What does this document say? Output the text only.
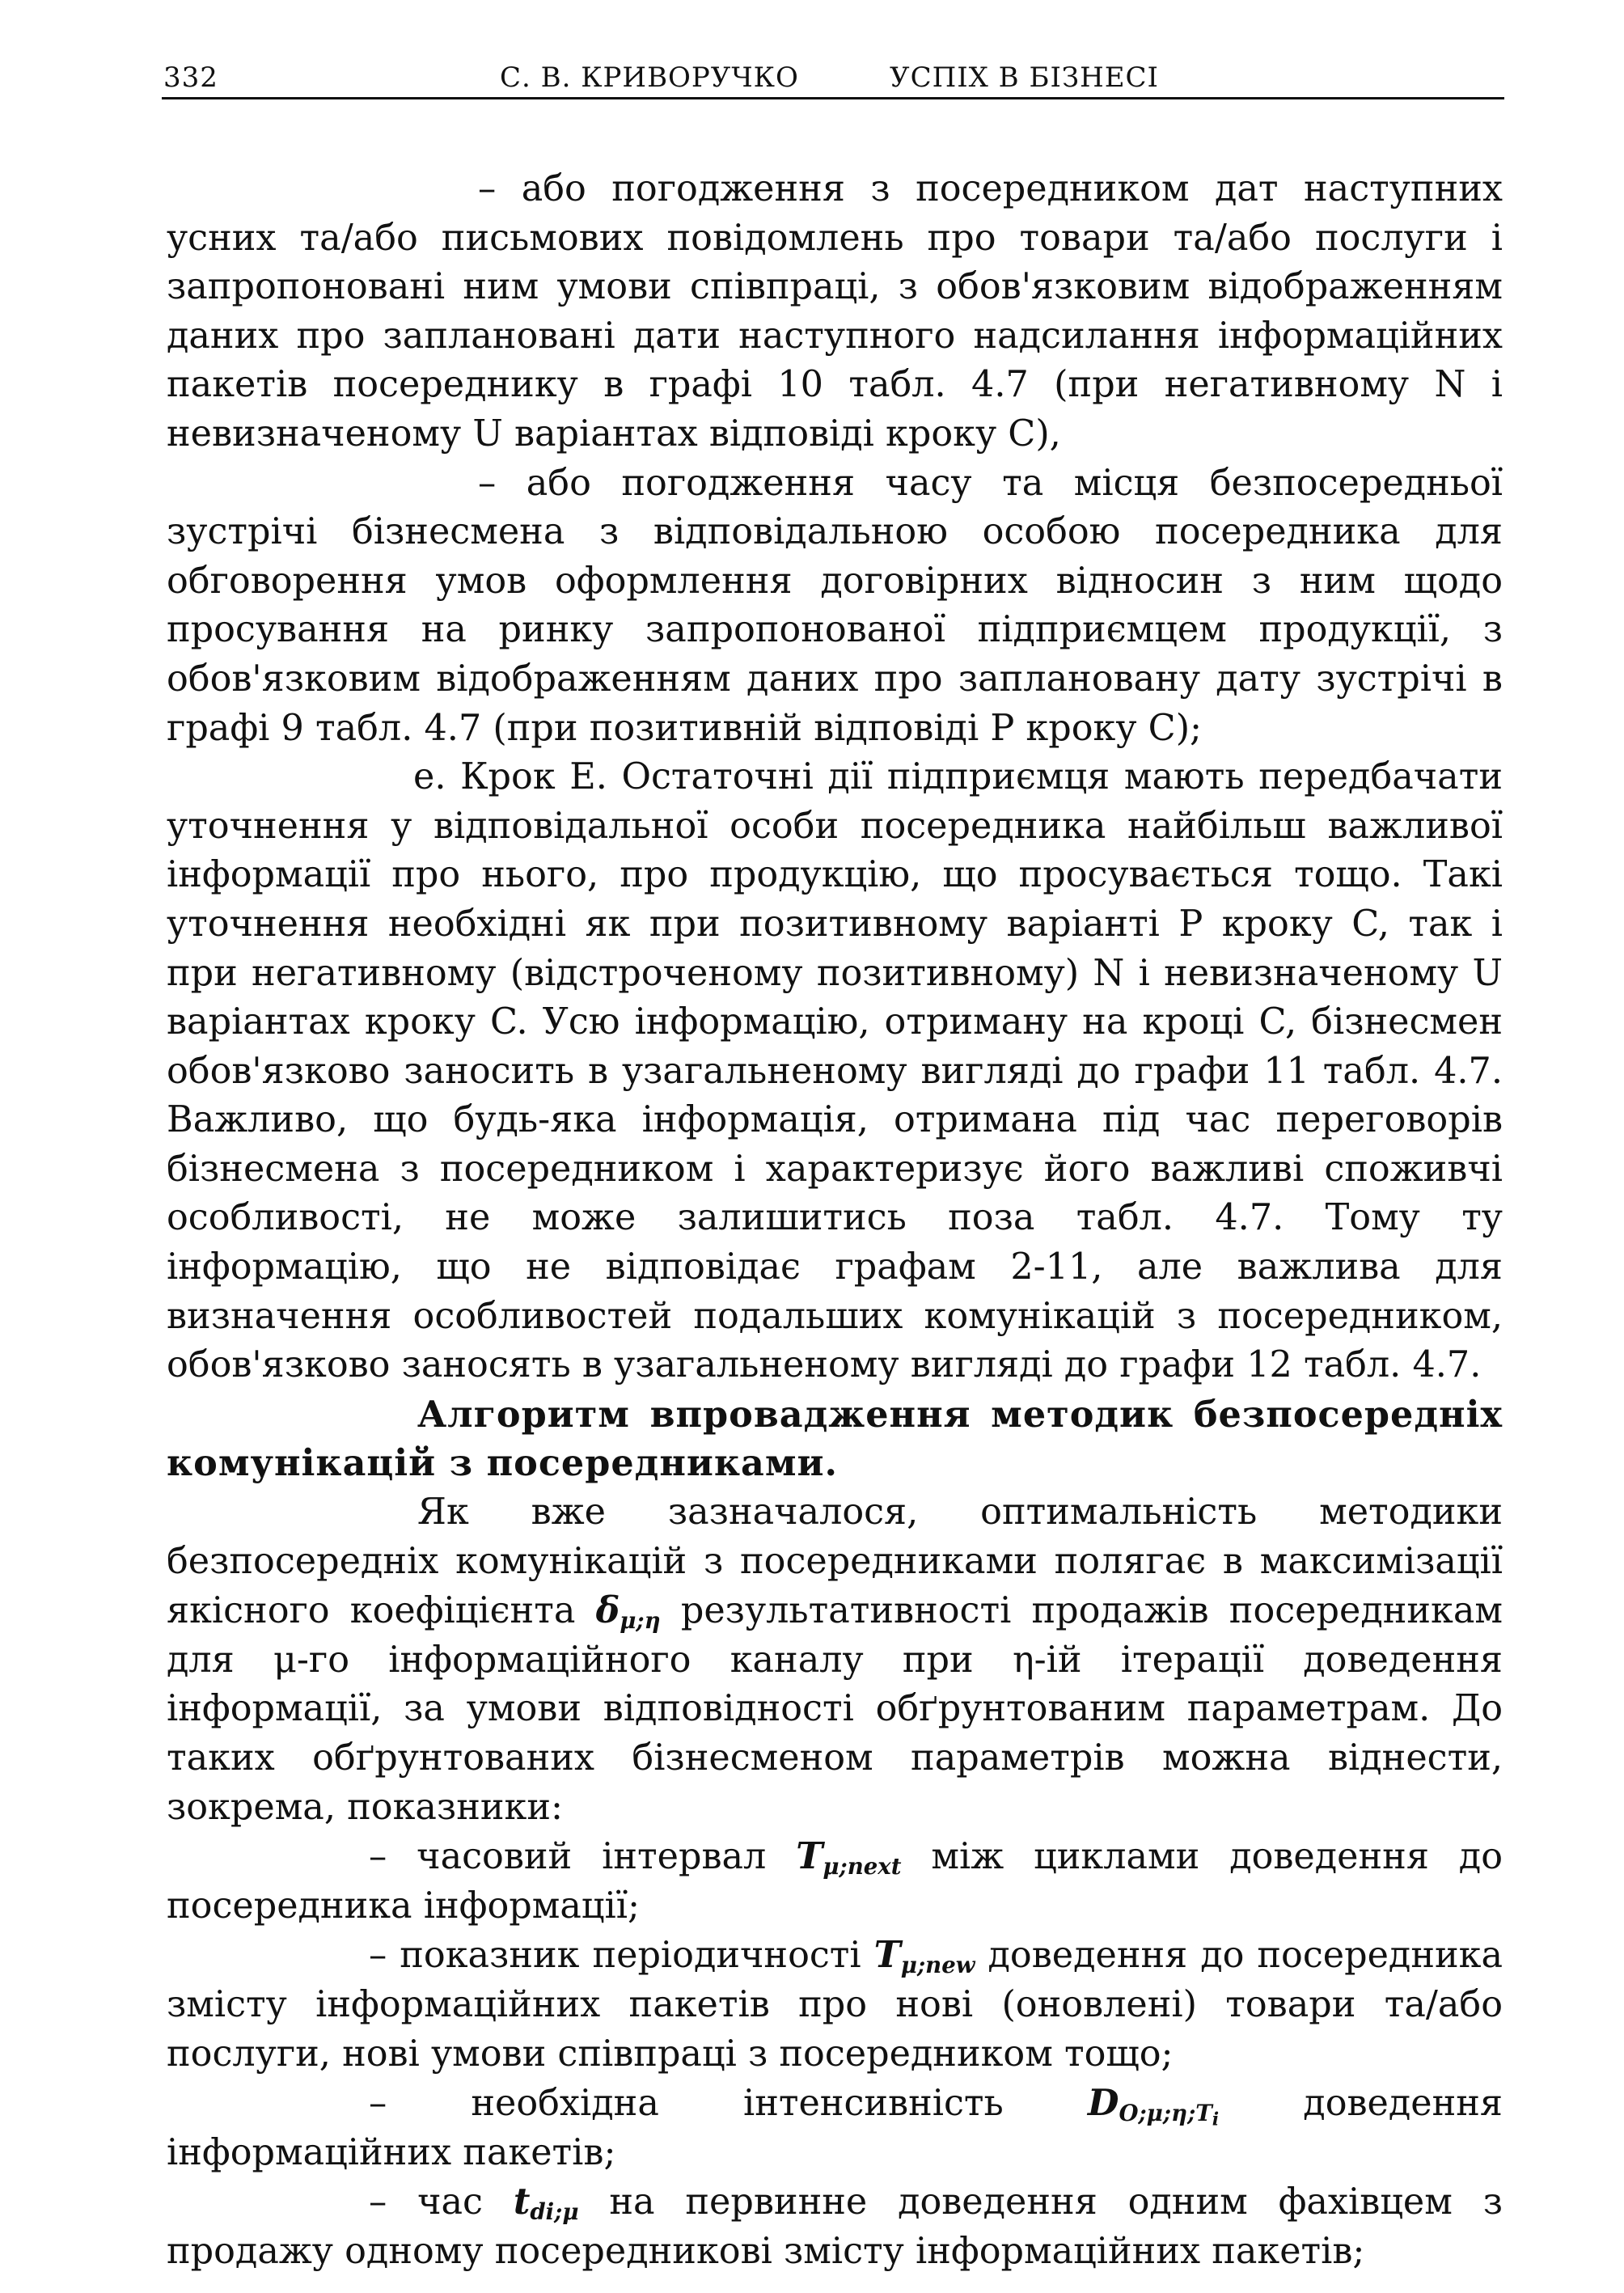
332	С. В. КРИВОРУЧКО	УСПІХ В БІЗНЕСІ

– або погодження з посередником дат наступних усних та/або письмових повідомлень про товари та/або послуги і запропоновані ним умови співпраці, з обов'язковим відображенням даних про заплановані дати наступного надсилання інформаційних пакетів посереднику в графі 10 табл. 4.7 (при негативному N і невизначеному U варіантах відповіді кроку C),

– або погодження часу та місця безпосередньої зустрічі бізнесмена з відповідальною особою посередника для обговорення умов оформлення договірних відносин з ним щодо просування на ринку запропонованої підприємцем продукції, з обов'язковим відображенням даних про заплановану дату зустрічі в графі 9 табл. 4.7 (при позитивній відповіді P кроку C);

e. Крок E. Остаточні дії підприємця мають передбачати уточнення у відповідальної особи посередника найбільш важливої інформації про нього, про продукцію, що просувається тощо. Такі уточнення необхідні як при позитивному варіанті P кроку C, так і при негативному (відстроченому позитивному) N і невизначеному U варіантах кроку C. Усю інформацію, отриману на кроці C, бізнесмен обов'язково заносить в узагальненому вигляді до графи 11 табл. 4.7. Важливо, що будь-яка інформація, отримана під час переговорів бізнесмена з посередником і характеризує його важливі споживчі особливості, не може залишитись поза табл. 4.7. Тому ту інформацію, що не відповідає графам 2-11, але важлива для визначення особливостей подальших комунікацій з посередником, обов'язково заносять в узагальненому вигляді до графи 12 табл. 4.7.

Алгоритм впровадження методик безпосередніх комунікацій з посередниками.

Як вже зазначалося, оптимальність методики безпосередніх комунікацій з посередниками полягає в максимізації якісного коефіцієнта $\delta_{\mu;\eta}$ результативності продажів посередникам для μ-го інформаційного каналу при η-ій ітерації доведення інформації, за умови відповідності обґрунтованим параметрам. До таких обґрунтованих бізнесменом параметрів можна віднести, зокрема, показники:

– часовий інтервал $T_{\mu;next}$ між циклами доведення до посередника інформації;

– показник періодичності $T_{\mu;new}$ доведення до посередника змісту інформаційних пакетів про нові (оновлені) товари та/або послуги, нові умови співпраці з посередником тощо;

– необхідна інтенсивність $D_{O;\mu;\eta;T_i}$ доведення інформаційних пакетів;

– час $t_{di;\mu}$ на первинне доведення одним фахівцем з продажу одному посередникові змісту інформаційних пакетів;
